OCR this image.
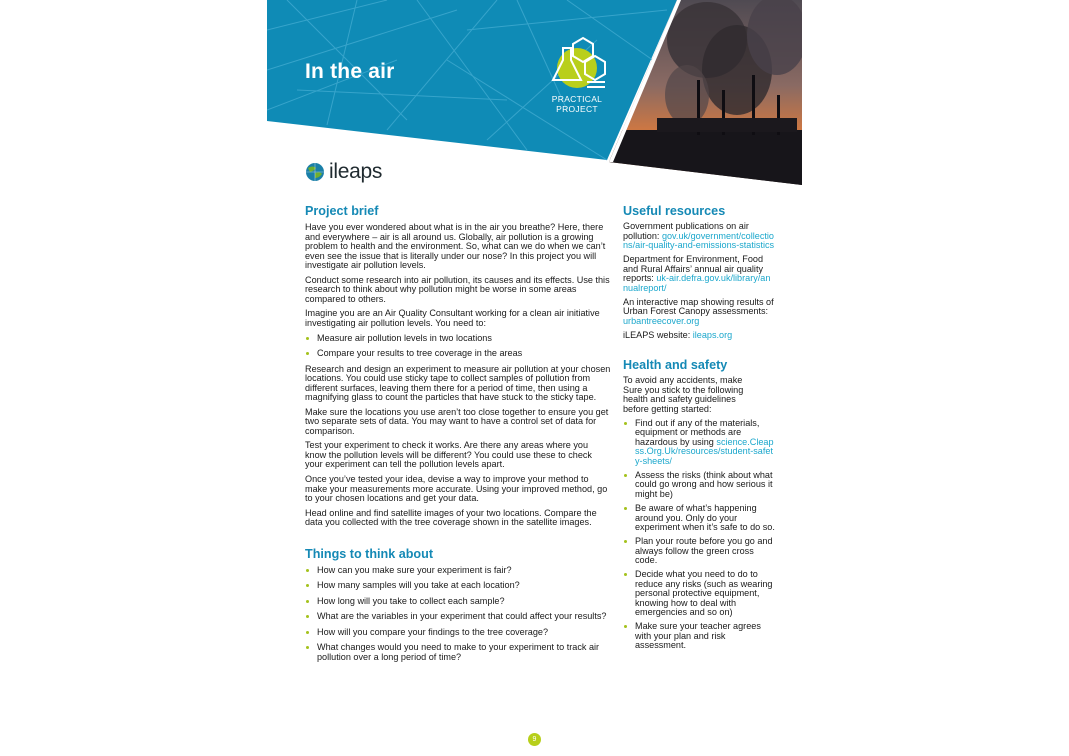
In the air
PRACTICAL
PROJECT
ileaps
Project brief

Have you ever wondered about what is in the air you breathe? Here, there and everywhere – air is all around us. Globally, air pollution is a growing problem to health and the environment. So, what can we do when we can’t even see the issue that is literally under our nose? In this project you will investigate air pollution levels.

Conduct some research into air pollution, its causes and its effects. Use this research to think about why pollution might be worse in some areas compared to others.

Imagine you are an Air Quality Consultant working for a clean air initiative investigating air pollution levels. You need to:

Measure air pollution levels in two locations
Compare your results to tree coverage in the areas

Research and design an experiment to measure air pollution at your chosen locations. You could use sticky tape to collect samples of pollution from different surfaces, leaving them there for a period of time, then using a magnifying glass to count the particles that have stuck to the sticky tape.

Make sure the locations you use aren’t too close together to ensure you get two separate sets of data. You may want to have a control set of data for comparison.

Test your experiment to check it works. Are there any areas where you know the pollution levels will be different? You could use these to check your experiment can tell the pollution levels apart.

Once you’ve tested your idea, devise a way to improve your method to make your measurements more accurate. Using your improved method, go to your chosen locations and get your data.

Head online and find satellite images of your two locations. Compare the data you collected with the tree coverage shown in the satellite images.

Things to think about
How can you make sure your experiment is fair?
How many samples will you take at each location?
How long will you take to collect each sample?
What are the variables in your experiment that could affect your results?
How will you compare your findings to the tree coverage?
What changes would you need to make to your experiment to track air pollution over a long period of time?
Useful resources

Government publications on air pollution: gov.uk/government/collections/air-quality-and-emissions-statistics

Department for Environment, Food and Rural Affairs’ annual air quality reports: uk-air.defra.gov.uk/library/annualreport/

An interactive map showing results of Urban Forest Canopy assessments: urbantreecover.org

iLEAPS website: ileaps.org

Health and safety

To avoid any accidents, make Sure you stick to the following health and safety guidelines before getting started:

Find out if any of the materials, equipment or methods are hazardous by using science.Cleapss.Org.Uk/resources/student-safety-sheets/
Assess the risks (think about what could go wrong and how serious it might be)
Be aware of what’s happening around you. Only do your experiment when it’s safe to do so.
Plan your route before you go and always follow the green cross code.
Decide what you need to do to reduce any risks (such as wearing personal protective equipment, knowing how to deal with emergencies and so on)
Make sure your teacher agrees with your plan and risk assessment.
9
